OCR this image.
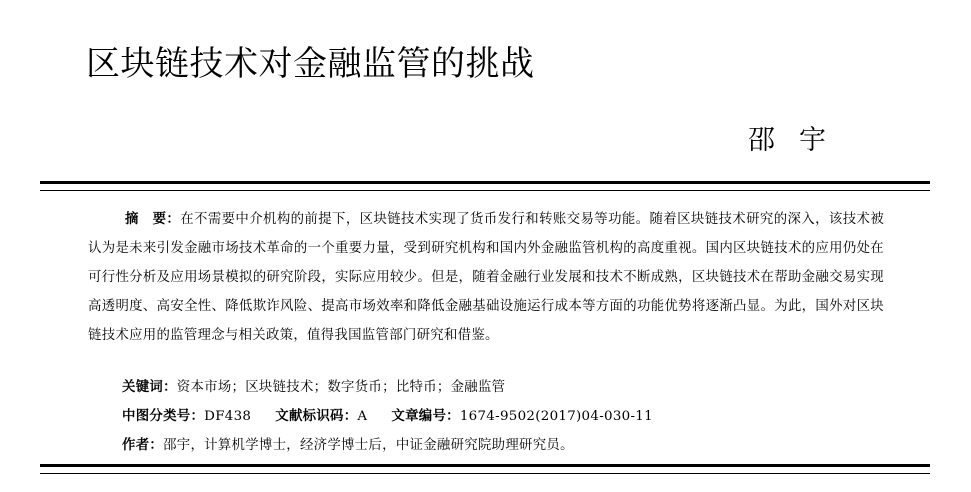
区块链技术对金融监管的挑战
邵宇
摘　要：在不需要中介机构的前提下，区块链技术实现了货币发行和转账交易等功能。随着区块链技术研究的深入，该技术被认为是未来引发金融市场技术革命的一个重要力量，受到研究机构和国内外金融监管机构的高度重视。国内区块链技术的应用仍处在可行性分析及应用场景模拟的研究阶段，实际应用较少。但是，随着金融行业发展和技术不断成熟，区块链技术在帮助金融交易实现高透明度、高安全性、降低欺诈风险、提高市场效率和降低金融基础设施运行成本等方面的功能优势将逐渐凸显。为此，国外对区块链技术应用的监管理念与相关政策，值得我国监管部门研究和借鉴。
关键词：资本市场；区块链技术；数字货币；比特币；金融监管
中图分类号：DF438 文献标识码：A 文章编号：1674-9502(2017)04-030-11
作者：邵宇，计算机学博士，经济学博士后，中证金融研究院助理研究员。
